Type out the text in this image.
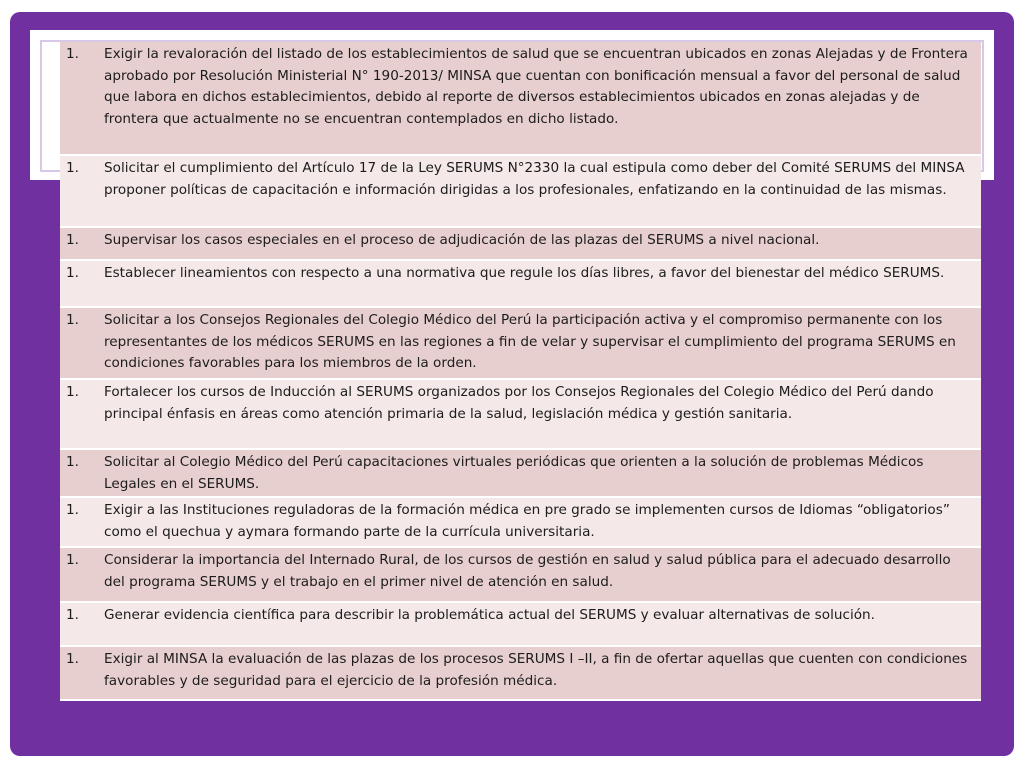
1.	Exigir la revaloración del listado de los establecimientos de salud que se encuentran ubicados en zonas Alejadas y de Frontera aprobado por Resolución Ministerial N° 190-2013/ MINSA que cuentan con bonificación mensual a favor del personal de salud que labora en dichos establecimientos, debido al reporte de diversos establecimientos ubicados en zonas alejadas y de frontera que actualmente no se encuentran contemplados en dicho listado.
1.	Solicitar el cumplimiento del Artículo 17 de la Ley SERUMS N°2330 la cual estipula como deber del Comité SERUMS del MINSA proponer políticas de capacitación e información dirigidas a los profesionales, enfatizando en la continuidad de las mismas.
1.	Supervisar los casos especiales en el proceso de adjudicación de las plazas del SERUMS a nivel nacional.
1.	Establecer lineamientos con respecto a una normativa que regule los días libres, a favor del bienestar del médico SERUMS.
1.	Solicitar a los Consejos Regionales del Colegio Médico del Perú la participación activa y el compromiso permanente con los representantes de los médicos SERUMS en las regiones a fin de velar y supervisar el cumplimiento del programa SERUMS en condiciones favorables para los miembros de la orden.
1.	Fortalecer los cursos de Inducción al SERUMS organizados por los Consejos Regionales del Colegio Médico del Perú dando principal énfasis en áreas como atención primaria de la salud, legislación médica y gestión sanitaria.
1.	Solicitar al Colegio Médico del Perú capacitaciones virtuales periódicas que orienten a la solución de problemas Médicos Legales en el SERUMS.
1.	Exigir a las Instituciones reguladoras de la formación médica en pre grado se implementen cursos de Idiomas “obligatorios” como el quechua y aymara formando parte de la currícula universitaria.
1.	Considerar la importancia del Internado Rural, de los cursos de gestión en salud y salud pública para el adecuado desarrollo del programa SERUMS y el trabajo en el primer nivel de atención en salud.
1.	Generar evidencia científica para describir la problemática actual del SERUMS y evaluar alternativas de solución.
1.	Exigir al MINSA la evaluación de las plazas de los procesos SERUMS I –II, a fin de ofertar aquellas que cuenten con condiciones favorables y de seguridad para el ejercicio de la profesión médica.
